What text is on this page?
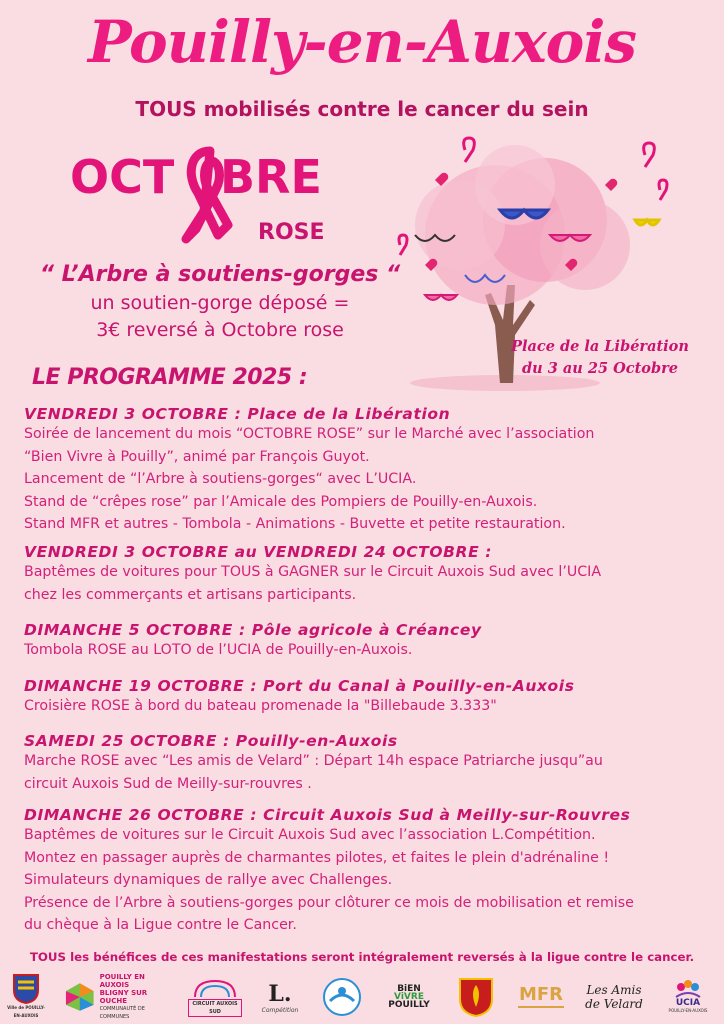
Pouilly-en-Auxois
TOUS mobilisés contre le cancer du sein
OCT BRE
ROSE
“ L’Arbre à soutiens-gorges “
un soutien-gorge déposé =
3€ reversé à Octobre rose
Place de la Libération
du 3 au 25 Octobre
LE PROGRAMME 2025 :
VENDREDI 3 OCTOBRE : Place de la Libération
Soirée de lancement du mois “OCTOBRE ROSE” sur le Marché avec l’association
“Bien Vivre à Pouilly”, animé par François Guyot.
Lancement de “l’Arbre à soutiens-gorges“ avec L’UCIA.
Stand de “crêpes rose” par l’Amicale des Pompiers de Pouilly-en-Auxois.
Stand MFR et autres - Tombola - Animations - Buvette et petite restauration.
VENDREDI 3 OCTOBRE au VENDREDI 24 OCTOBRE :
Baptêmes de voitures pour TOUS à GAGNER sur le Circuit Auxois Sud avec l’UCIA
chez les commerçants et artisans participants.
DIMANCHE 5 OCTOBRE : Pôle agricole à Créancey
Tombola ROSE au LOTO de l’UCIA de Pouilly-en-Auxois.
DIMANCHE 19 OCTOBRE : Port du Canal à Pouilly-en-Auxois
Croisière ROSE à bord du bateau promenade la "Billebaude 3.333"
SAMEDI 25 OCTOBRE : Pouilly-en-Auxois
Marche ROSE avec “Les amis de Velard” : Départ 14h espace Patriarche jusqu”au
circuit Auxois Sud de Meilly-sur-rouvres .
DIMANCHE 26 OCTOBRE : Circuit Auxois Sud à Meilly-sur-Rouvres
Baptêmes de voitures sur le Circuit Auxois Sud avec l’association L.Compétition.
Montez en passager auprès de charmantes pilotes, et faites le plein d'adrénaline !
Simulateurs dynamiques de rallye avec Challenges.
Présence de l’Arbre à soutiens-gorges pour clôturer ce mois de mobilisation et remise
du chèque à la Ligue contre le Cancer.
TOUS les bénéfices de ces manifestations seront intégralement reversés à la ligue contre le cancer.
Ville de POUILLY-EN-AUXOIS
POUILLY EN AUXOIS
BLIGNY SUR OUCHE
COMMUNAUTÉ DE COMMUNES
CIRCUIT AUXOIS SUD
L.
Compétition
BiEN
ViVRE
POUILLY
MFR Les Amis
de Velard	UCIA
POUILLY-EN-AUXOIS
